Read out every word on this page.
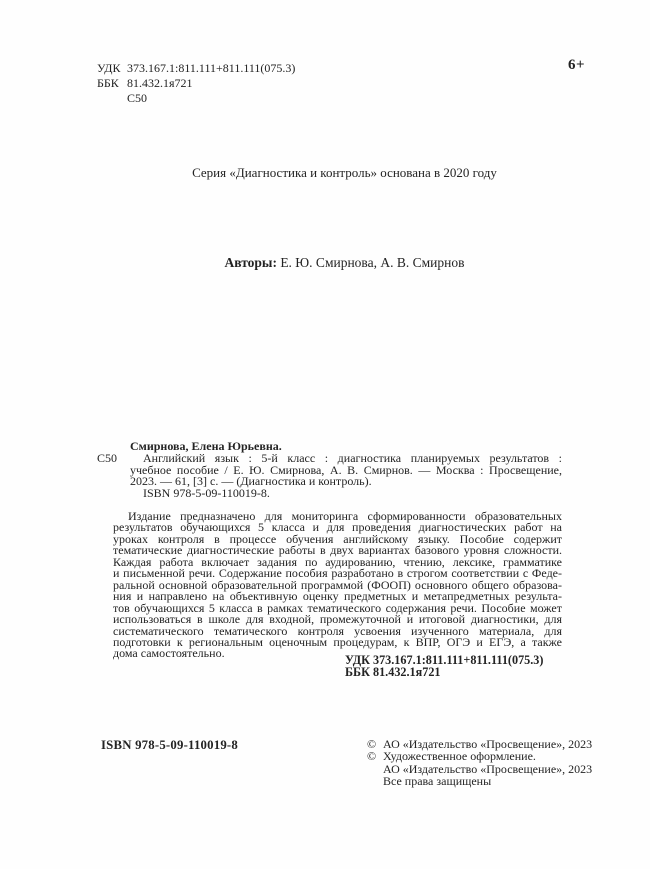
УДК 373.167.1:811.111+811.111(075.3)
ББК 81.432.1я721
С50
6+
Серия «Диагностика и контроль» основана в 2020 году
Авторы: Е. Ю. Смирнова, А. В. Смирнов
С50
Смирнова, Елена Юрьевна.
Английский язык : 5-й класс : диагностика планируемых результатов :
учебное пособие / Е. Ю. Смирнова, А. В. Смирнов. — Москва : Просвещение,
2023. — 61, [3] с. — (Диагностика и контроль).
ISBN 978-5-09-110019-8.
Издание предназначено для мониторинга сформированности образовательных
результатов обучающихся 5 класса и для проведения диагностических работ на
уроках контроля в процессе обучения английскому языку. Пособие содержит
тематические диагностические работы в двух вариантах базового уровня сложности.
Каждая работа включает задания по аудированию, чтению, лексике, грамматике
и письменной речи. Содержание пособия разработано в строгом соответствии с Феде-
ральной основной образовательной программой (ФООП) основного общего образова-
ния и направлено на объективную оценку предметных и метапредметных результа-
тов обучающихся 5 класса в рамках тематического содержания речи. Пособие может
использоваться в школе для входной, промежуточной и итоговой диагностики, для
систематического тематического контроля усвоения изученного материала, для
подготовки к региональным оценочным процедурам, к ВПР, ОГЭ и ЕГЭ, а также
дома самостоятельно.	УДК 373.167.1:811.111+811.111(075.3)
ББК 81.432.1я721
ISBN 978-5-09-110019-8	© АО «Издательство «Просвещение», 2023
© Художественное оформление.
АО «Издательство «Просвещение», 2023
Все права защищены
